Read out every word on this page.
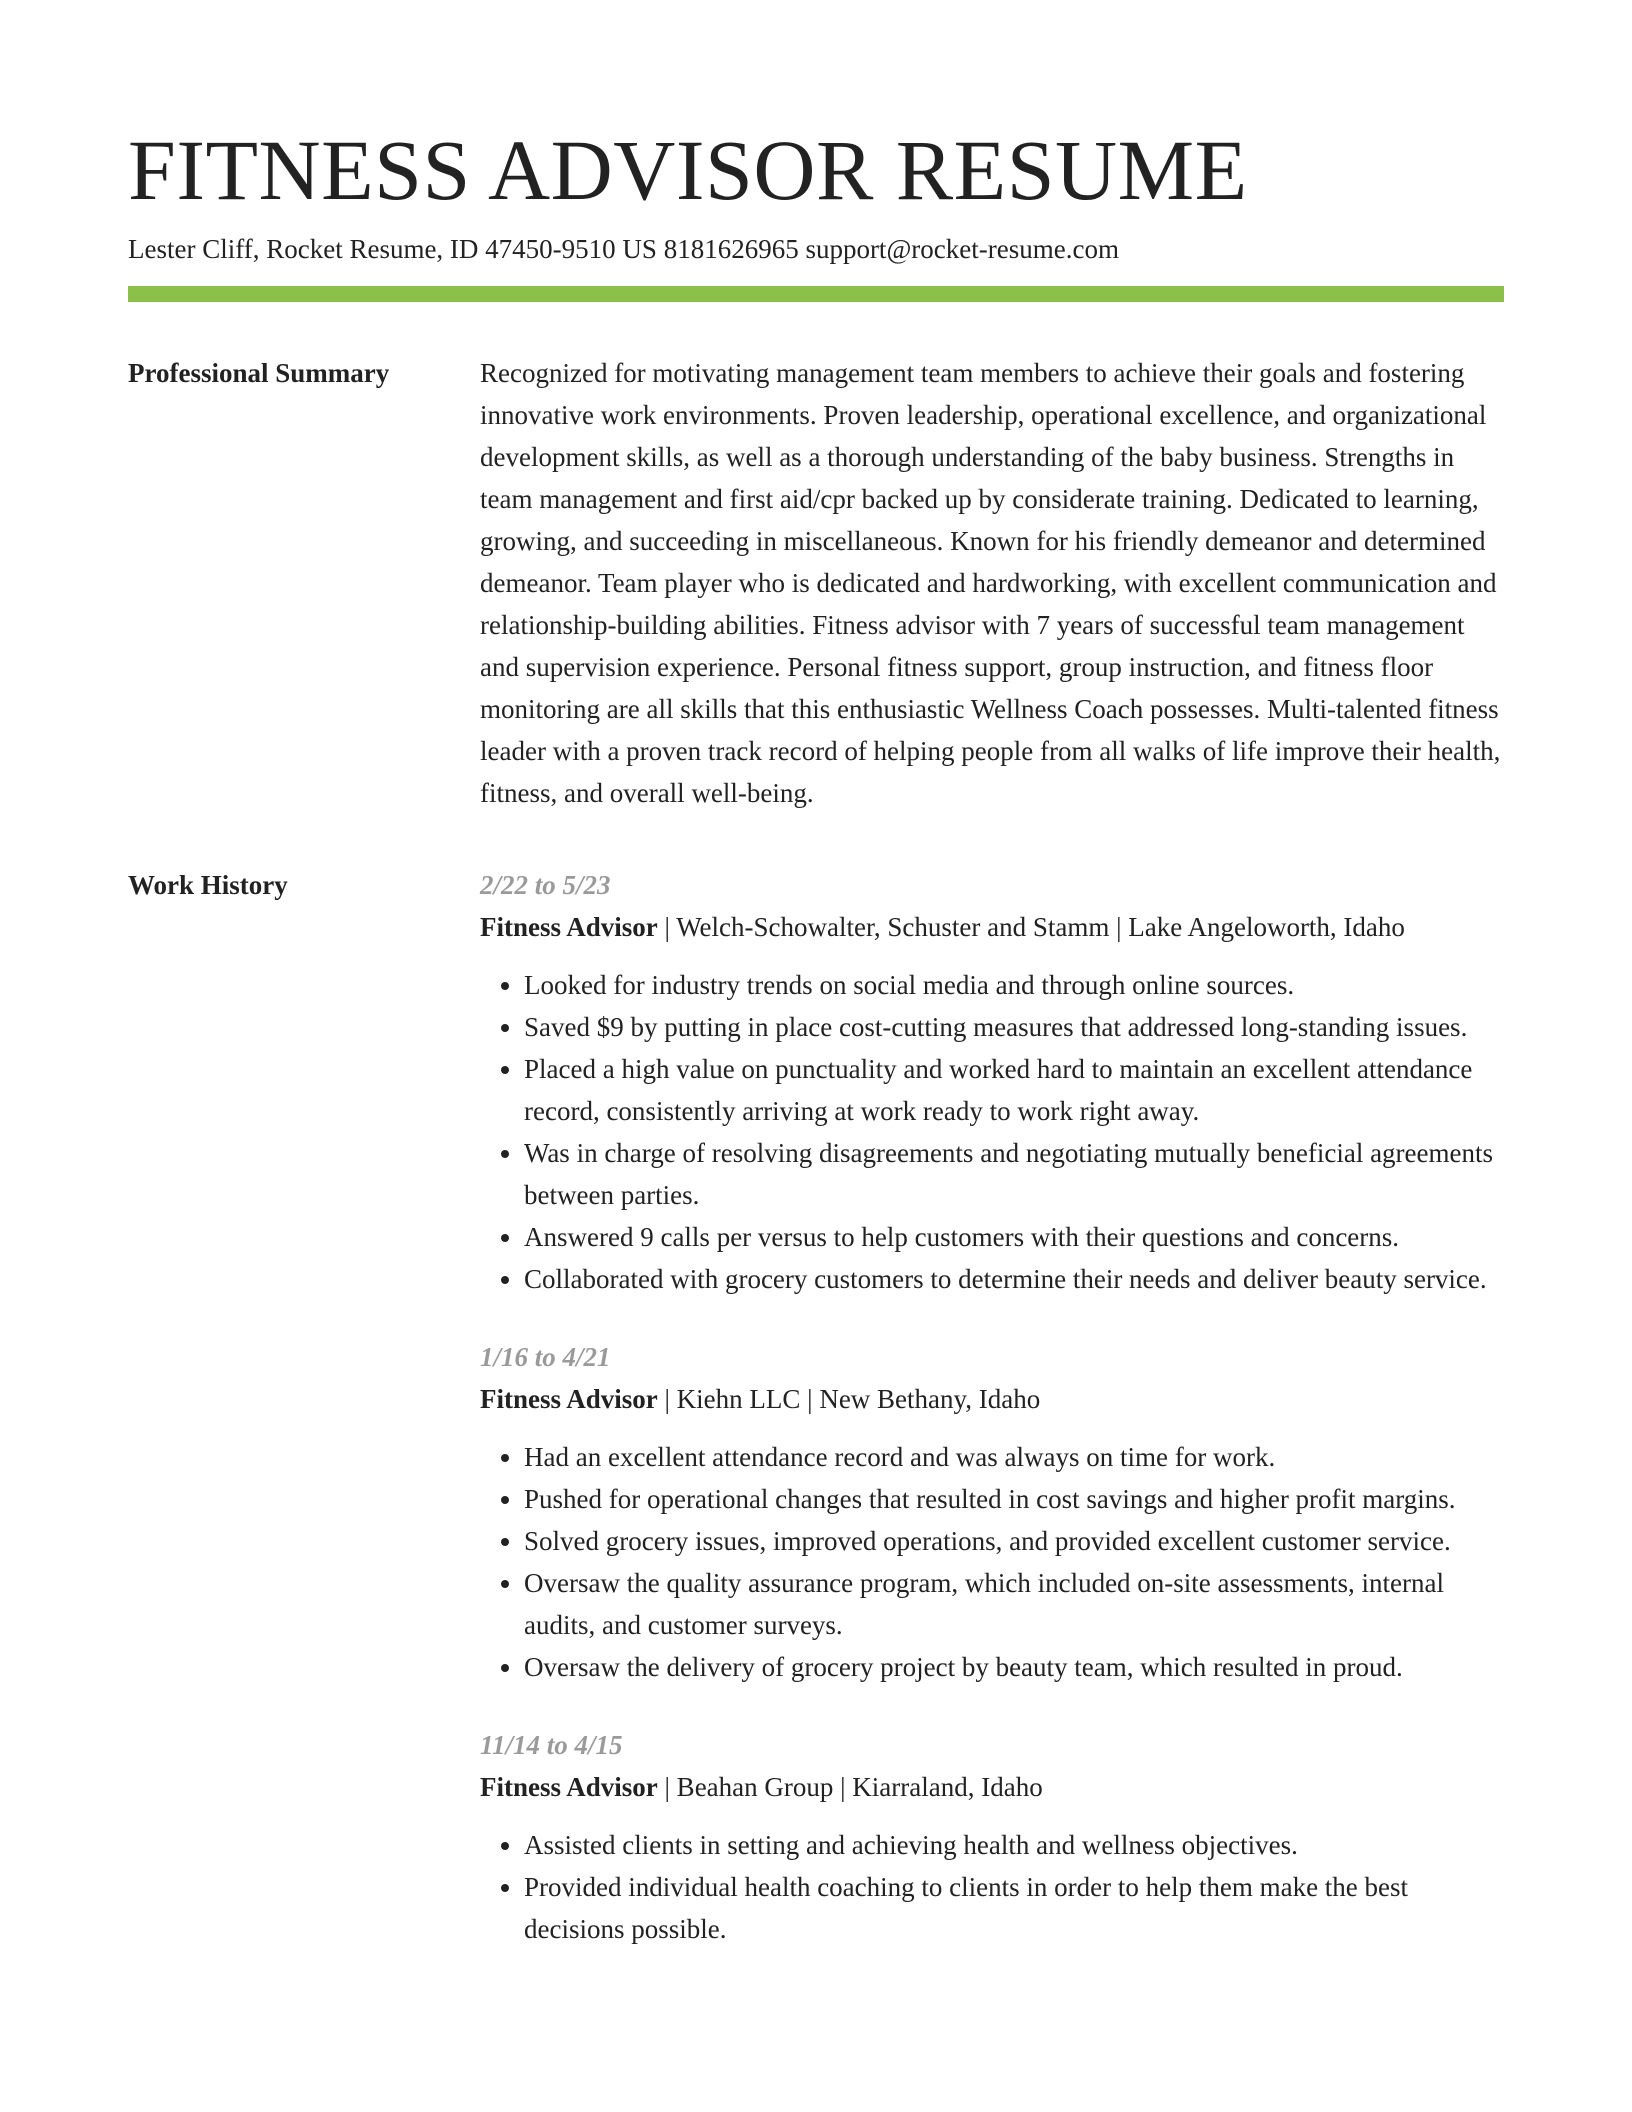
FITNESS ADVISOR RESUME
Lester Cliff, Rocket Resume, ID 47450-9510 US 8181626965 support@rocket-resume.com
Professional Summary	Recognized for motivating management team members to achieve their goals and fostering innovative work environments. Proven leadership, operational excellence, and organizational development skills, as well as a thorough understanding of the baby business. Strengths in team management and first aid/cpr backed up by considerate training. Dedicated to learning, growing, and succeeding in miscellaneous. Known for his friendly demeanor and determined demeanor. Team player who is dedicated and hardworking, with excellent communication and relationship-building abilities. Fitness advisor with 7 years of successful team management and supervision experience. Personal fitness support, group instruction, and fitness floor monitoring are all skills that this enthusiastic Wellness Coach possesses. Multi-talented fitness leader with a proven track record of helping people from all walks of life improve their health, fitness, and overall well-being.

Work History	2/22 to 5/23
Fitness Advisor | Welch-Schowalter, Schuster and Stamm | Lake Angeloworth, Idaho
• Looked for industry trends on social media and through online sources.
• Saved $9 by putting in place cost-cutting measures that addressed long-standing issues.
• Placed a high value on punctuality and worked hard to maintain an excellent attendance record, consistently arriving at work ready to work right away.
• Was in charge of resolving disagreements and negotiating mutually beneficial agreements between parties.
• Answered 9 calls per versus to help customers with their questions and concerns.
• Collaborated with grocery customers to determine their needs and deliver beauty service.
1/16 to 4/21
Fitness Advisor | Kiehn LLC | New Bethany, Idaho
• Had an excellent attendance record and was always on time for work.
• Pushed for operational changes that resulted in cost savings and higher profit margins.
• Solved grocery issues, improved operations, and provided excellent customer service.
• Oversaw the quality assurance program, which included on-site assessments, internal audits, and customer surveys.
• Oversaw the delivery of grocery project by beauty team, which resulted in proud.
11/14 to 4/15
Fitness Advisor | Beahan Group | Kiarraland, Idaho
• Assisted clients in setting and achieving health and wellness objectives.
• Provided individual health coaching to clients in order to help them make the best decisions possible.
